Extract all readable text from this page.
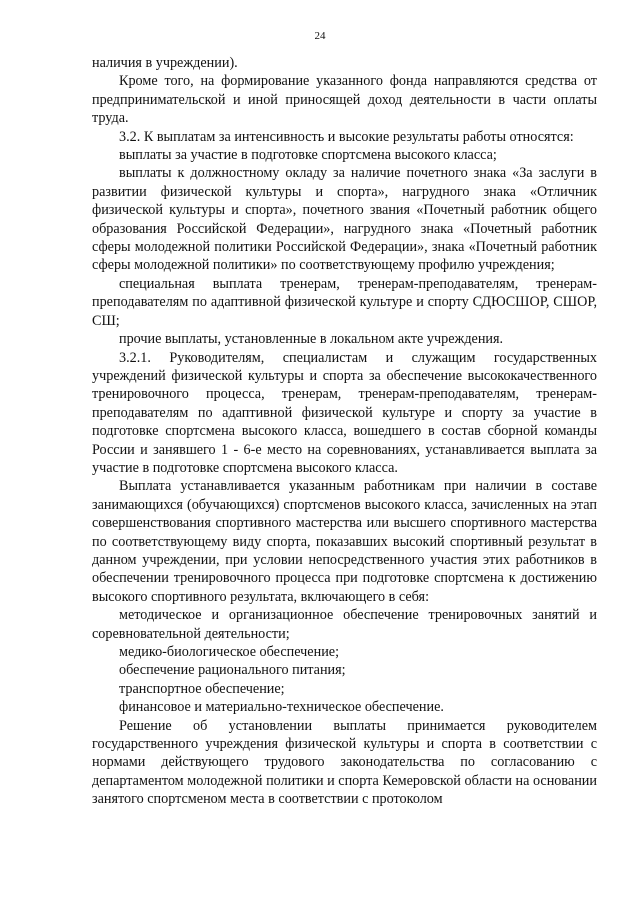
24

наличия в учреждении).

Кроме того, на формирование указанного фонда направляются средства от предпринимательской и иной приносящей доход деятельности в части оплаты труда.

3.2. К выплатам за интенсивность и высокие результаты работы относятся:

выплаты за участие в подготовке спортсмена высокого класса;

выплаты к должностному окладу за наличие почетного знака «За заслуги в развитии физической культуры и спорта», нагрудного знака «Отличник физической культуры и спорта», почетного звания «Почетный работник общего образования Российской Федерации», нагрудного знака «Почетный работник сферы молодежной политики Российской Федерации», знака «Почетный работник сферы молодежной политики» по соответствующему профилю учреждения;

специальная выплата тренерам, тренерам-преподавателям, тренерам-преподавателям по адаптивной физической культуре и спорту СДЮСШОР, СШОР, СШ;

прочие выплаты, установленные в локальном акте учреждения.

3.2.1. Руководителям, специалистам и служащим государственных учреждений физической культуры и спорта за обеспечение высококачественного тренировочного процесса, тренерам, тренерам-преподавателям, тренерам-преподавателям по адаптивной физической культуре и спорту за участие в подготовке спортсмена высокого класса, вошедшего в состав сборной команды России и занявшего 1 - 6-е место на соревнованиях, устанавливается выплата за участие в подготовке спортсмена высокого класса.

Выплата устанавливается указанным работникам при наличии в составе занимающихся (обучающихся) спортсменов высокого класса, зачисленных на этап совершенствования спортивного мастерства или высшего спортивного мастерства по соответствующему виду спорта, показавших высокий спортивный результат в данном учреждении, при условии непосредственного участия этих работников в обеспечении тренировочного процесса при подготовке спортсмена к достижению высокого спортивного результата, включающего в себя:

методическое и организационное обеспечение тренировочных занятий и соревновательной деятельности;

медико-биологическое обеспечение;

обеспечение рационального питания;

транспортное обеспечение;

финансовое и материально-техническое обеспечение.

Решение об установлении выплаты принимается руководителем государственного учреждения физической культуры и спорта в соответствии с нормами действующего трудового законодательства по согласованию с департаментом молодежной политики и спорта Кемеровской области на основании занятого спортсменом места в соответствии с протоколом
